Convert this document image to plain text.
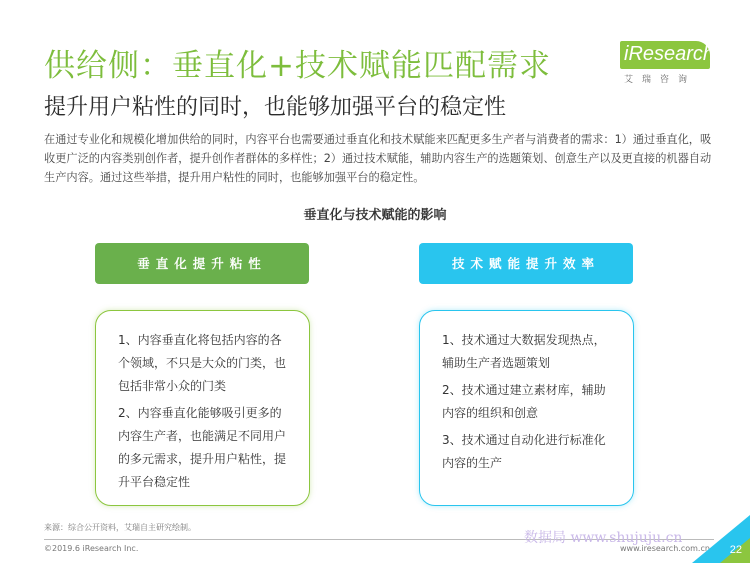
供给侧：垂直化+技术赋能匹配需求
提升用户粘性的同时，也能够加强平台的稳定性
iResearch
艾瑞咨询
在通过专业化和规模化增加供给的同时，内容平台也需要通过垂直化和技术赋能来匹配更多生产者与消费者的需求：1）通过垂直化，吸收更广泛的内容类别创作者，提升创作者群体的多样性；2）通过技术赋能，辅助内容生产的选题策划、创意生产以及更直接的机器自动生产内容。通过这些举措，提升用户粘性的同时，也能够加强平台的稳定性。
垂直化与技术赋能的影响
垂直化提升粘性	技术赋能提升效率
1、内容垂直化将包括内容的各个领域，不只是大众的门类，也包括非常小众的门类
2、内容垂直化能够吸引更多的内容生产者，也能满足不同用户的多元需求，提升用户粘性，提升平台稳定性
1、技术通过大数据发现热点，辅助生产者选题策划
2、技术通过建立素材库，辅助内容的组织和创意
3、技术通过自动化进行标准化内容的生产
来源：综合公开资料，艾瑞自主研究绘制。
©2019.6 iResearch Inc.
数据局 www.shujuju.cn
www.iresearch.com.cn 22
